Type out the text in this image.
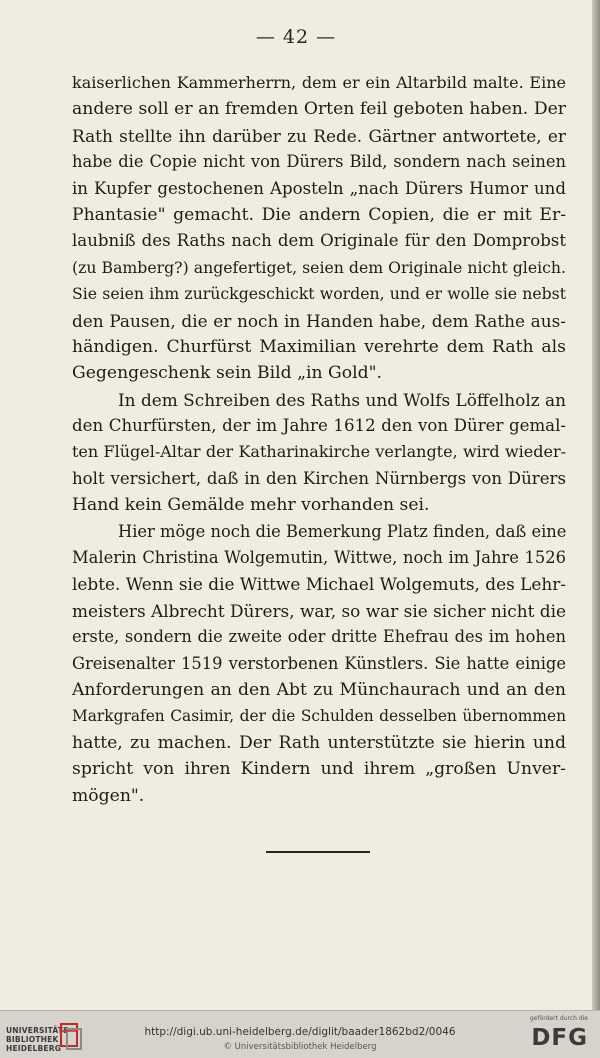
— 42 —
kaiserlichen Kammerherrn, dem er ein Altarbild malte. Eine
andere soll er an fremden Orten feil geboten haben. Der
Rath stellte ihn darüber zu Rede. Gärtner antwortete, er
habe die Copie nicht von Dürers Bild, sondern nach seinen
in Kupfer gestochenen Aposteln „nach Dürers Humor und
Phantasie" gemacht. Die andern Copien, die er mit Er-
laubniß des Raths nach dem Originale für den Domprobst
(zu Bamberg?) angefertiget, seien dem Originale nicht gleich.
Sie seien ihm zurückgeschickt worden, und er wolle sie nebst
den Pausen, die er noch in Handen habe, dem Rathe aus-
händigen. Churfürst Maximilian verehrte dem Rath als
Gegengeschenk sein Bild „in Gold".
In dem Schreiben des Raths und Wolfs Löffelholz an
den Churfürsten, der im Jahre 1612 den von Dürer gemal-
ten Flügel-Altar der Katharinakirche verlangte, wird wieder-
holt versichert, daß in den Kirchen Nürnbergs von Dürers
Hand kein Gemälde mehr vorhanden sei.
Hier möge noch die Bemerkung Platz finden, daß eine
Malerin Christina Wolgemutin, Wittwe, noch im Jahre 1526
lebte. Wenn sie die Wittwe Michael Wolgemuts, des Lehr-
meisters Albrecht Dürers, war, so war sie sicher nicht die
erste, sondern die zweite oder dritte Ehefrau des im hohen
Greisenalter 1519 verstorbenen Künstlers. Sie hatte einige
Anforderungen an den Abt zu Münchaurach und an den
Markgrafen Casimir, der die Schulden desselben übernommen
hatte, zu machen. Der Rath unterstützte sie hierin und
spricht von ihren Kindern und ihrem „großen Unver-
mögen".
UNIVERSITÄTS-
BIBLIOTHEK
HEIDELBERG
http://digi.ub.uni-heidelberg.de/diglit/baader1862bd2/0046
© Universitätsbibliothek Heidelberg
gefördert durch die
DFG
